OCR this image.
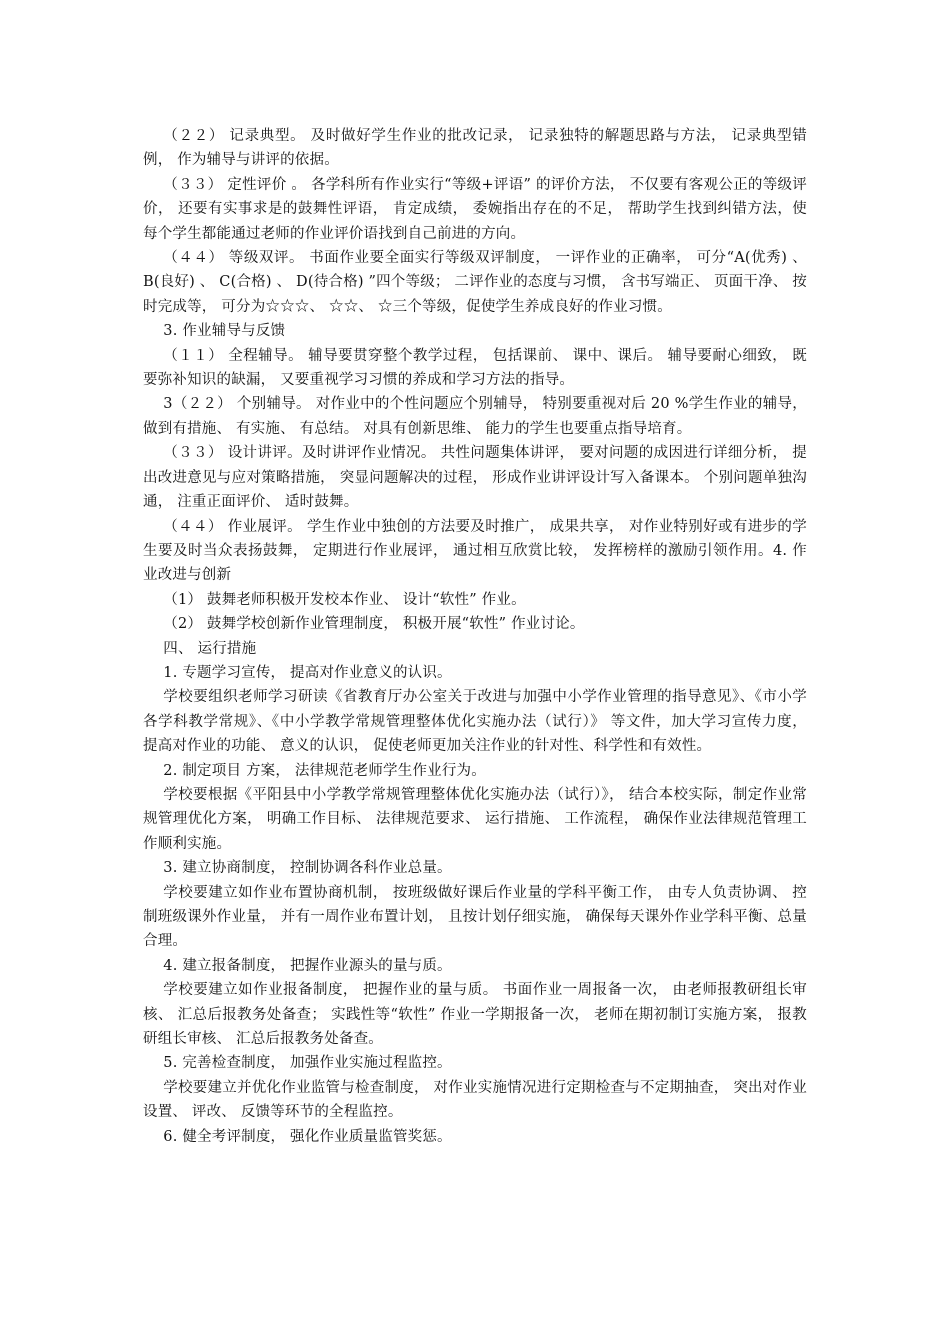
（２２） 记录典型。 及时做好学生作业的批改记录， 记录独特的解题思路与方法， 记录典型错例， 作为辅导与讲评的依据。

（３３） 定性评价 。 各学科所有作业实行“等级+评语” 的评价方法， 不仅要有客观公正的等级评价， 还要有实事求是的鼓舞性评语， 肯定成绩， 委婉指出存在的不足， 帮助学生找到纠错方法，使每个学生都能通过老师的作业评价语找到自己前进的方向。

（４４） 等级双评。 书面作业要全面实行等级双评制度， 一评作业的正确率， 可分“A(优秀) 、 B(良好) 、 C(合格) 、 D(待合格) ”四个等级； 二评作业的态度与习惯， 含书写端正、 页面干净、 按时完成等， 可分为☆☆☆、 ☆☆、 ☆三个等级，促使学生养成良好的作业习惯。

3. 作业辅导与反馈

（１１） 全程辅导。 辅导要贯穿整个教学过程， 包括课前、 课中、课后。 辅导要耐心细致， 既要弥补知识的缺漏， 又要重视学习习惯的养成和学习方法的指导。

3（２２） 个别辅导。 对作业中的个性问题应个别辅导， 特别要重视对后 20 %学生作业的辅导， 做到有措施、 有实施、 有总结。 对具有创新思维、 能力的学生也要重点指导培育。

（３３） 设计讲评。及时讲评作业情况。 共性问题集体讲评， 要对问题的成因进行详细分析， 提出改进意见与应对策略措施， 突显问题解决的过程， 形成作业讲评设计写入备课本。 个别问题单独沟通， 注重正面评价、 适时鼓舞。

（４４） 作业展评。 学生作业中独创的方法要及时推广， 成果共享， 对作业特别好或有进步的学生要及时当众表扬鼓舞， 定期进行作业展评， 通过相互欣赏比较， 发挥榜样的激励引领作用。4. 作业改进与创新

（1） 鼓舞老师积极开发校本作业、 设计“软性” 作业。

（2） 鼓舞学校创新作业管理制度， 积极开展“软性” 作业讨论。

四、 运行措施

1. 专题学习宣传， 提高对作业意义的认识。

学校要组织老师学习研读《省教育厅办公室关于改进与加强中小学作业管理的指导意见》、《市小学各学科教学常规》、《中小学教学常规管理整体优化实施办法（试行）》 等文件，加大学习宣传力度， 提高对作业的功能、 意义的认识， 促使老师更加关注作业的针对性、科学性和有效性。

2. 制定项目 方案， 法律规范老师学生作业行为。

学校要根据《平阳县中小学教学常规管理整体优化实施办法（试行）》， 结合本校实际，制定作业常规管理优化方案， 明确工作目标、 法律规范要求、 运行措施、 工作流程， 确保作业法律规范管理工作顺利实施。

3. 建立协商制度， 控制协调各科作业总量。

学校要建立如作业布置协商机制， 按班级做好课后作业量的学科平衡工作， 由专人负责协调、 控制班级课外作业量， 并有一周作业布置计划， 且按计划仔细实施， 确保每天课外作业学科平衡、总量合理。

4. 建立报备制度， 把握作业源头的量与质。

学校要建立如作业报备制度， 把握作业的量与质。 书面作业一周报备一次， 由老师报教研组长审核、 汇总后报教务处备查； 实践性等“软性” 作业一学期报备一次， 老师在期初制订实施方案， 报教研组长审核、 汇总后报教务处备查。

5. 完善检查制度， 加强作业实施过程监控。

学校要建立并优化作业监管与检查制度， 对作业实施情况进行定期检查与不定期抽查， 突出对作业设置、 评改、 反馈等环节的全程监控。

6. 健全考评制度， 强化作业质量监管奖惩。
